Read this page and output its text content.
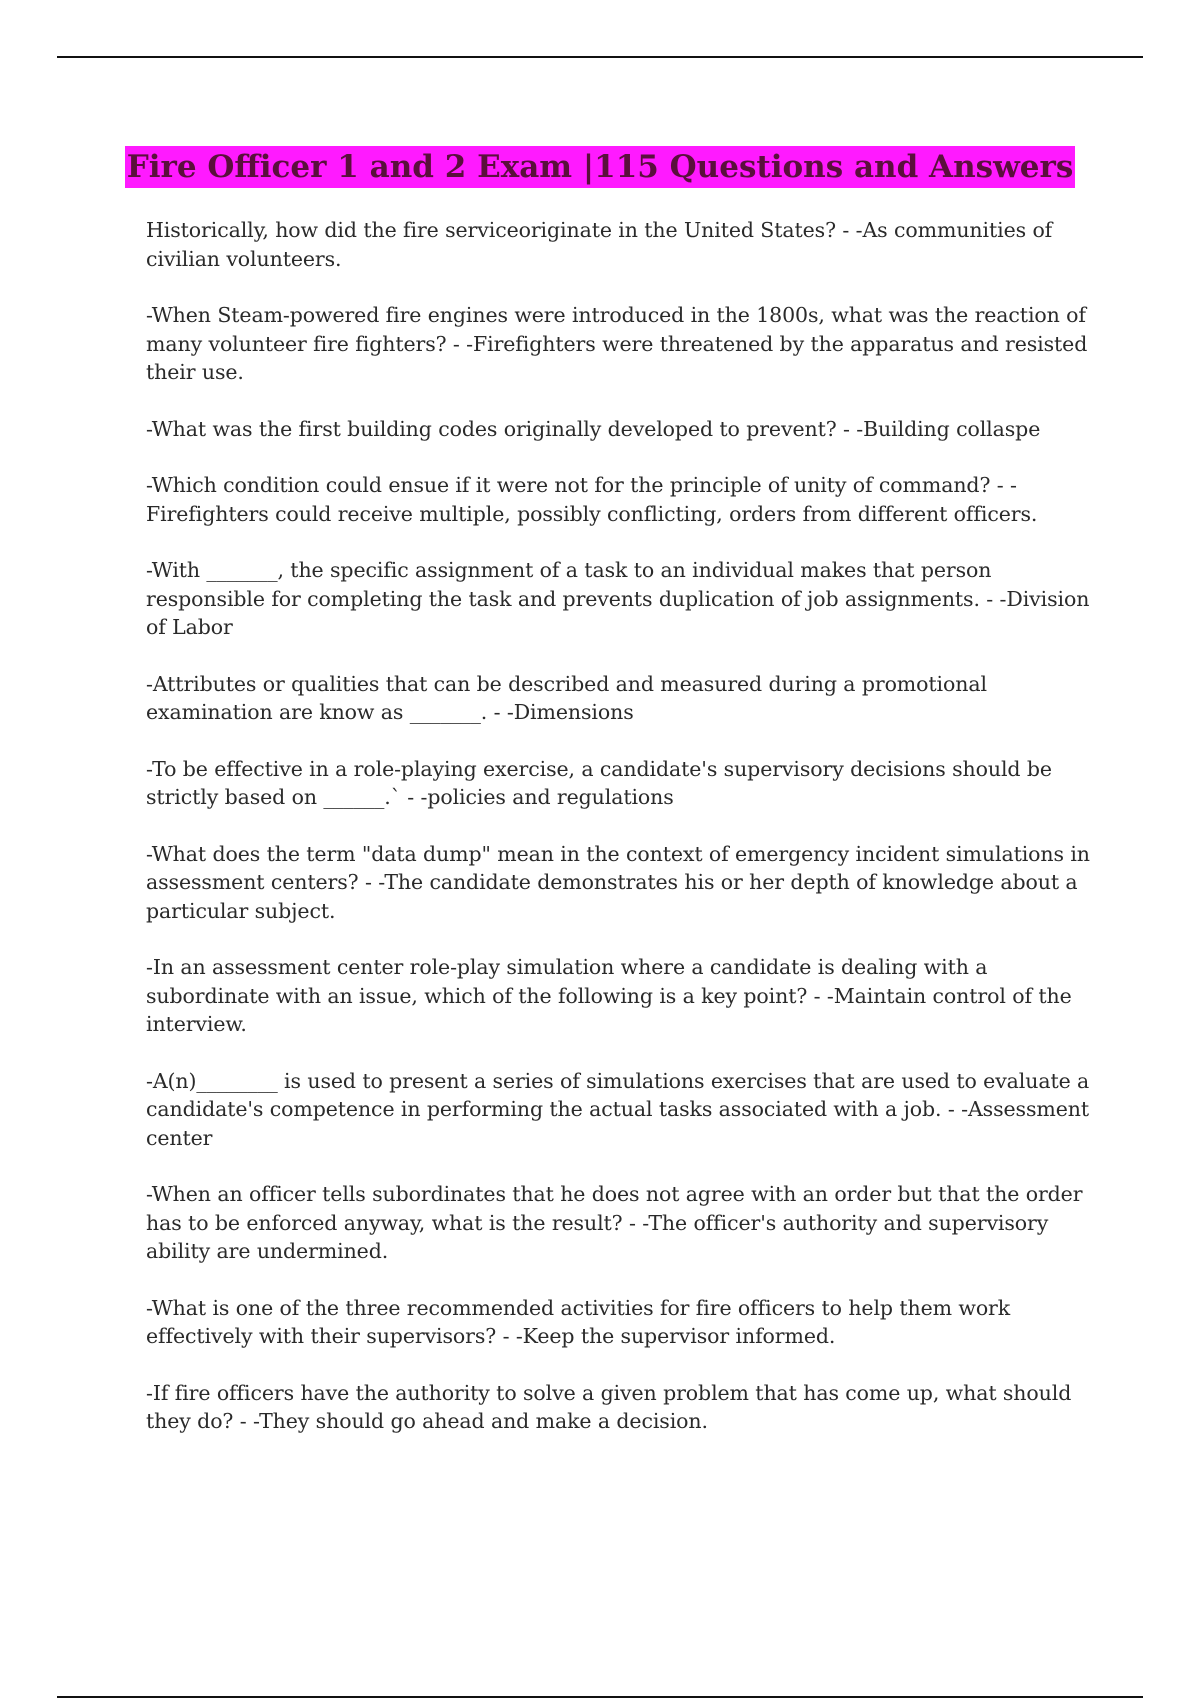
Fire Officer 1 and 2 Exam |115 Questions and Answers

Historically, how did the fire serviceoriginate in the United States? - -As communities of civilian volunteers.

-When Steam-powered fire engines were introduced in the 1800s, what was the reaction of many volunteer fire fighters? - -Firefighters were threatened by the apparatus and resisted their use.

-What was the first building codes originally developed to prevent? - -Building collaspe

-Which condition could ensue if it were not for the principle of unity of command? - -Firefighters could receive multiple, possibly conflicting, orders from different officers.

-With _______, the specific assignment of a task to an individual makes that person responsible for completing the task and prevents duplication of job assignments. - -Division of Labor

-Attributes or qualities that can be described and measured during a promotional examination are know as _______. - -Dimensions

-To be effective in a role-playing exercise, a candidate's supervisory decisions should be strictly based on ______.` - -policies and regulations

-What does the term "data dump" mean in the context of emergency incident simulations in assessment centers? - -The candidate demonstrates his or her depth of knowledge about a particular subject.

-In an assessment center role-play simulation where a candidate is dealing with a subordinate with an issue, which of the following is a key point? - -Maintain control of the interview.

-A(n)________ is used to present a series of simulations exercises that are used to evaluate a candidate's competence in performing the actual tasks associated with a job. - -Assessment center

-When an officer tells subordinates that he does not agree with an order but that the order has to be enforced anyway, what is the result? - -The officer's authority and supervisory ability are undermined.

-What is one of the three recommended activities for fire officers to help them work effectively with their supervisors? - -Keep the supervisor informed.

-If fire officers have the authority to solve a given problem that has come up, what should they do? - -They should go ahead and make a decision.
